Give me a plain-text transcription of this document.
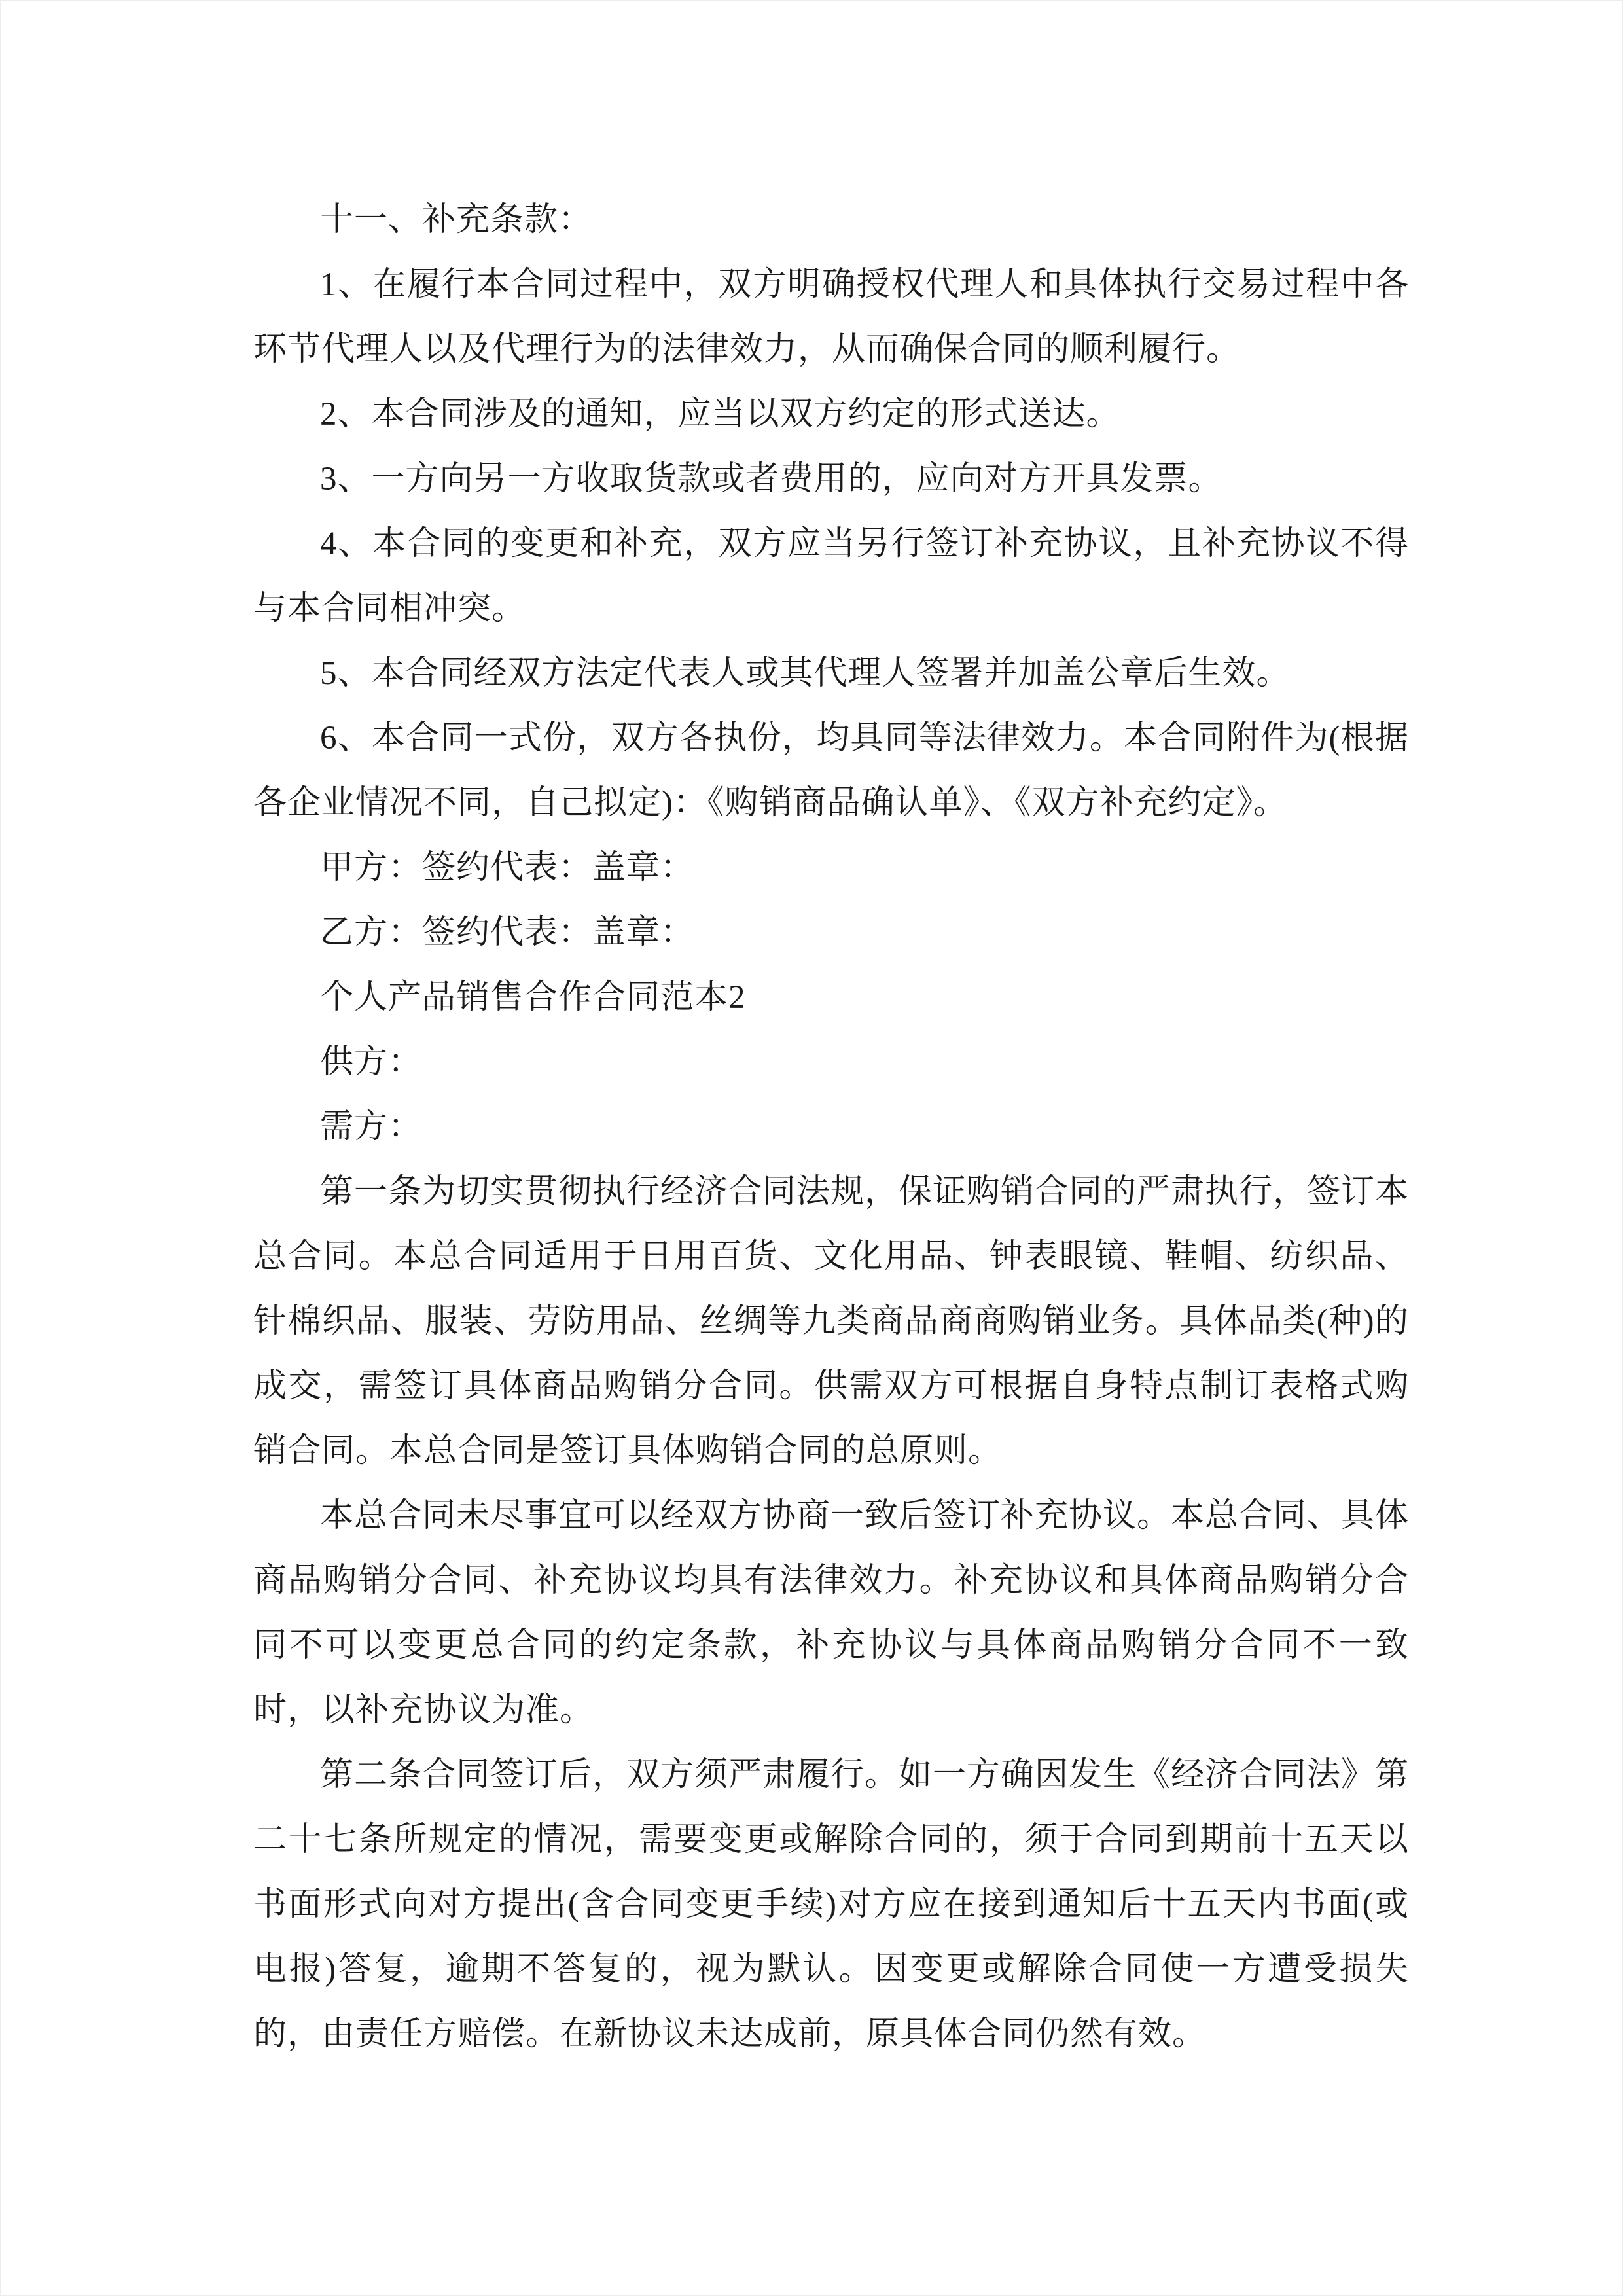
十一、补充条款：

1、在履行本合同过程中，双方明确授权代理人和具体执行交易过程中各环节代理人以及代理行为的法律效力，从而确保合同的顺利履行。

2、本合同涉及的通知，应当以双方约定的形式送达。

3、一方向另一方收取货款或者费用的，应向对方开具发票。

4、本合同的变更和补充，双方应当另行签订补充协议，且补充协议不得与本合同相冲突。

5、本合同经双方法定代表人或其代理人签署并加盖公章后生效。

6、本合同一式份，双方各执份，均具同等法律效力。本合同附件为(根据各企业情况不同，自己拟定)：《购销商品确认单》、《双方补充约定》。

甲方：签约代表：盖章：

乙方：签约代表：盖章：

个人产品销售合作合同范本2

供方：

需方：

第一条为切实贯彻执行经济合同法规，保证购销合同的严肃执行，签订本总合同。本总合同适用于日用百货、文化用品、钟表眼镜、鞋帽、纺织品、针棉织品、服装、劳防用品、丝绸等九类商品商商购销业务。具体品类(种)的成交，需签订具体商品购销分合同。供需双方可根据自身特点制订表格式购销合同。本总合同是签订具体购销合同的总原则。

本总合同未尽事宜可以经双方协商一致后签订补充协议。本总合同、具体商品购销分合同、补充协议均具有法律效力。补充协议和具体商品购销分合同不可以变更总合同的约定条款，补充协议与具体商品购销分合同不一致时，以补充协议为准。

第二条合同签订后，双方须严肃履行。如一方确因发生《经济合同法》第二十七条所规定的情况，需要变更或解除合同的，须于合同到期前十五天以书面形式向对方提出(含合同变更手续)对方应在接到通知后十五天内书面(或电报)答复，逾期不答复的，视为默认。因变更或解除合同使一方遭受损失的，由责任方赔偿。在新协议未达成前，原具体合同仍然有效。
